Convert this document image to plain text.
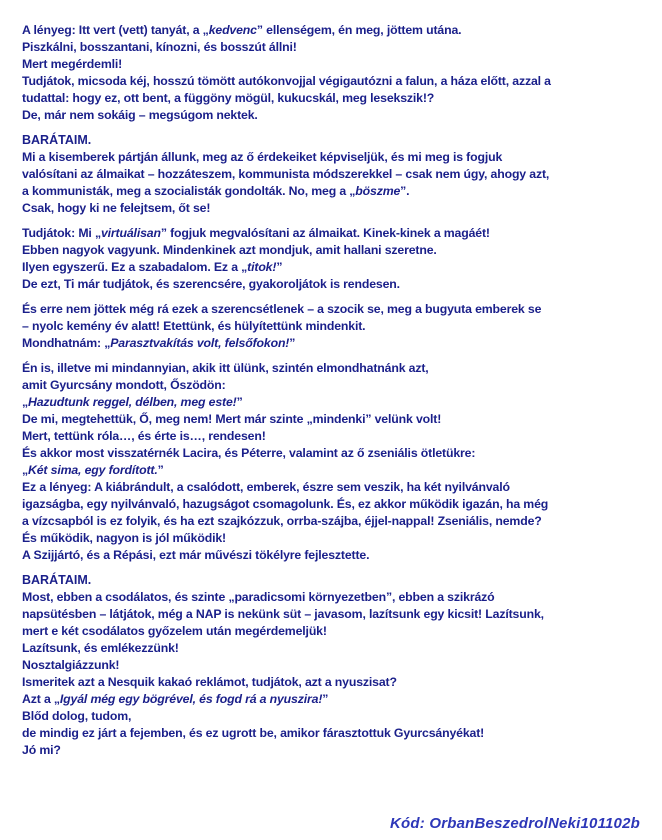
A lényeg: Itt vert (vett) tanyát, a „kedvenc” ellenségem, én meg, jöttem utána.
Piszkálni, bosszantani, kínozni, és bosszút állni!
Mert megérdemli!
Tudjátok, micsoda kéj, hosszú tömött autókonvojjal végigautózni a falun, a háza előtt, azzal a
tudattal: hogy ez, ott bent, a függöny mögül, kukucskál, meg lesekszik!?
De, már nem sokáig – megsúgom nektek.
BARÁTAIM.
Mi a kisemberek pártján állunk, meg az ő érdekeiket képviseljük, és mi meg is fogjuk
valósítani az álmaikat – hozzáteszem, kommunista módszerekkel – csak nem úgy, ahogy azt,
a kommunisták, meg a szocialisták gondolták. No, meg a „böszme”.
Csak, hogy ki ne felejtsem, őt se!
Tudjátok: Mi „virtuálisan” fogjuk megvalósítani az álmaikat. Kinek-kinek a magáét!
Ebben nagyok vagyunk. Mindenkinek azt mondjuk, amit hallani szeretne.
Ilyen egyszerű. Ez a szabadalom. Ez a „titok!”
De ezt, Ti már tudjátok, és szerencsére, gyakoroljátok is rendesen.
És erre nem jöttek még rá ezek a szerencsétlenek – a szocik se, meg a bugyuta emberek se
– nyolc kemény év alatt! Etettünk, és hülyítettünk mindenkit.
Mondhatnám: „Parasztvakítás volt, felsőfokon!”
Én is, illetve mi mindannyian, akik itt ülünk, szintén elmondhatnánk azt,
amit Gyurcsány mondott, Őszödön:
„Hazudtunk reggel, délben, meg este!”
De mi, megtehettük, Ő, meg nem! Mert már szinte „mindenki” velünk volt!
Mert, tettünk róla…, és érte is…, rendesen!
És akkor most visszatérnék Lacira, és Péterre, valamint az ő zseniális ötletükre:
„Két sima, egy fordított.”
Ez a lényeg: A kiábrándult, a csalódott, emberek, észre sem veszik, ha két nyilvánvaló
igazságba, egy nyilvánvaló, hazugságot csomagolunk. És, ez akkor működik igazán, ha még
a vízcsapból is ez folyik, és ha ezt szajkózzuk, orrba-szájba, éjjel-nappal! Zseniális, nemde?
És működik, nagyon is jól működik!
A Szijjártó, és a Répási, ezt már művészi tökélyre fejlesztette.
BARÁTAIM.
Most, ebben a csodálatos, és szinte „paradicsomi környezetben”, ebben a szikrázó
napsütésben – látjátok, még a NAP is nekünk süt – javasom, lazítsunk egy kicsit! Lazítsunk,
mert e két csodálatos győzelem után megérdemeljük!
Lazítsunk, és emlékezzünk!
Nosztalgiázzunk!
Ismeritek azt a Nesquik kakaó reklámot, tudjátok, azt a nyuszisat?
Azt a „Igyál még egy bögrével, és fogd rá a nyuszira!”
Blőd dolog, tudom,
de mindig ez járt a fejemben, és ez ugrott be, amikor fárasztottuk Gyurcsányékat!
Jó mi?
Kód: OrbanBeszedrolNeki101102b
